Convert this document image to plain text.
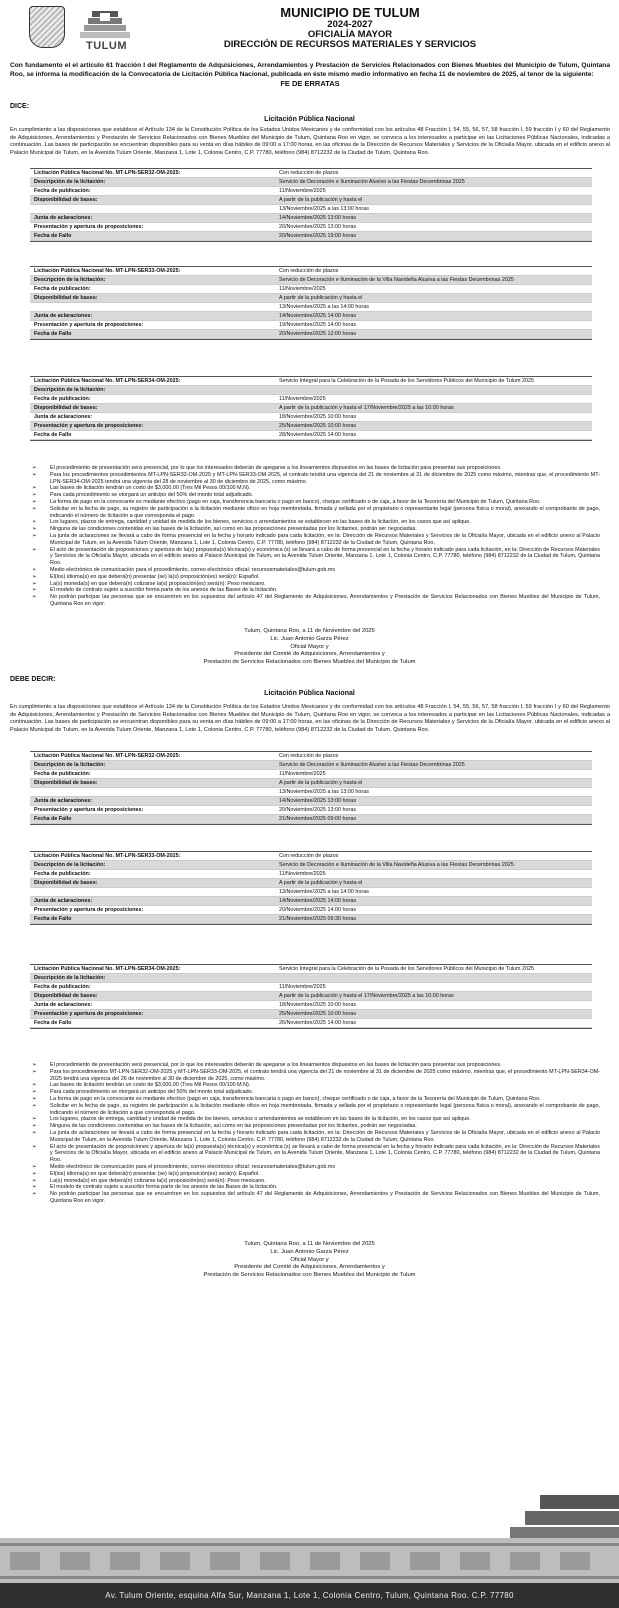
TULUM
MUNICIPIO DE TULUM
2024-2027
OFICIALÍA MAYOR
DIRECCIÓN DE RECURSOS MATERIALES Y SERVICIOS
Con fundamento el el artículo 61 fracción I del Reglamento de Adquisiciones, Arrendamientos y Prestación de Servicios Relacionados con Bienes Muebles del Municipio de Tulum, Quintana Roo, se informa la modificación de la Convocatoria de Licitación Pública Nacional, publicada en éste mismo medio informativo en fecha 11 de noviembre de 2025, al tenor de la siguiente:
FE DE ERRATAS
DICE:
Licitación Pública Nacional
En cumplimiento a las disposiciones que establece el Artículo 134 de la Constitución Política de los Estados Unidos Mexicanos y de conformidad con los artículos 48 Fracción I, 54, 55, 56, 57, 58 fracción I, 59 fracción I y 60 del Reglamento de Adquisiciones, Arrendamientos y Prestación de Servicios Relacionados con Bienes Muebles del Municipio de Tulum, Quintana Roo en vigor, se convoca a los interesados a participar en las Licitaciones Públicas Nacionales, indicadas a continuación. Las bases de participación se encuentran disponibles para su venta en días hábiles de 09:00 a 17:00 horas, en las oficinas de la Dirección de Recursos Materiales y Servicios de la Oficialía Mayor, ubicada en el edificio anexo al Palacio Municipal de Tulum, en la Avenida Tulum Oriente, Manzana 1, Lote 1, Colonia Centro, C.P. 77780, teléfono (984) 8712232 de la Ciudad de Tulum, Quintana Roo.
Licitación Pública Nacional No. MT-LPN-SER32-OM-2025:	Con reducción de plazos
Descripción de la licitación:	Servicio de Decoración e Iluminación Alusivo a las Fiestas Decembrinas 2025
Fecha de publicación:	11/Noviembre/2025
Disponibilidad de bases:	A partir de la publicación y hasta el
13/Noviembre/2025 a las 13:00 horas
Junta de aclaraciones:	14/Noviembre/2025 13:00 horas
Presentación y apertura de proposiciones:	20/Noviembre/2025 13:00 horas
Fecha de Fallo	20/Noviembre/2025 19:00 horas
Licitación Pública Nacional No. MT-LPN-SER33-OM-2025:	Con reducción de plazos
Descripción de la licitación:	Servicio de Decoración e Iluminación de la Villa Navideña Alusiva a las Fiestas Decembrinas 2025
Fecha de publicación:	11/Noviembre/2025
Disponibilidad de bases:	A partir de la publicación y hasta el
13/Noviembre/2025 a las 14:00 horas
Junta de aclaraciones:	14/Noviembre/2025 14:00 horas
Presentación y apertura de proposiciones:	19/Noviembre/2025 14:00 horas
Fecha de Fallo	20/Noviembre/2025 12:00 horas
Licitación Pública Nacional No. MT-LPN-SER34-OM-2025:	Servicio Integral para la Celebración de la Posada de los Servidores Públicos del Municipio de Tulum 2025
Descripción de la licitación:
Fecha de publicación:	11/Noviembre/2025
Disponibilidad de bases:	A partir de la publicación y hasta el 17/Noviembre/2025 a las 10:00 horas
Junta de aclaraciones:	18/Noviembre/2025 10:00 horas
Presentación y apertura de proposiciones:	25/Noviembre/2025 10:00 horas
Fecha de Fallo	28/Noviembre/2025 14:00 horas
➢ El procedimiento de presentación será presencial, por lo que los interesados deberán de apegarse a los lineamientos dispuestos en las bases de licitación para presentar sus proposiciones.
➢ Para los procedimientos procedimientos MT-LPN-SER32-OM-2025 y MT-LPN-SER33-OM-2025, el contrato tendrá una vigencia del 21 de noviembre al 31 de diciembre de 2025 como máximo, mientras que, el procedimiento MT-LPN-SER34-OM-2025 tendrá una vigencia del 28 de noviembre al 30 de diciembre de 2025, como máximo.
➢ Las bases de licitación tendrán un costo de $3,000.00 (Tres Mil Pesos 00/100 M.N).
➢ Para cada procedimiento se otorgará un anticipo del 50% del monto total adjudicado.
➢ La forma de pago en la convocante es mediante efectivo (pago en caja, transferencia bancaria o pago en banco), cheque certificado o de caja, a favor de la Tesorería del Municipio de Tulum, Quintana Roo.
➢ Solicitar en la fecha de pago, su registro de participación a la licitación mediante oficio en hoja membretada, firmada y sellada por el propietario o representante legal (persona física o moral), anexando el comprobante de pago, indicando el número de licitación a que corresponda el pago.
➢ Los lugares, plazos de entrega, cantidad y unidad de medida de los bienes, servicios o arrendamientos se establecen en las bases de la licitación, en los casos que así aplique.
➢ Ninguna de las condiciones contenidas en las bases de la licitación, así como en las proposiciones presentadas por los licitantes, podrán ser negociadas.
➢ La junta de aclaraciones se llevará a cabo de forma presencial en la fecha y horario indicado para cada licitación, en la: Dirección de Recursos Materiales y Servicios de la Oficialía Mayor, ubicada en el edificio anexo al Palacio Municipal de Tulum, en la Avenida Tulum Oriente, Manzana 1, Lote 1, Colonia Centro, C.P. 77780, teléfono (984) 8712232 de la Ciudad de Tulum, Quintana Roo.
➢ El acto de presentación de proposiciones y apertura de la(s) propuesta(s) técnica(s) y económica (s) se llevará a cabo de forma presencial en la fecha y horario indicado para cada licitación, en la: Dirección de Recursos Materiales y Servicios de la Oficialía Mayor, ubicada en el edificio anexo al Palacio Municipal de Tulum, en la Avenida Tulum Oriente, Manzana 1, Lote 1, Colonia Centro, C.P. 77780, teléfono (984) 8712232 de la Ciudad de Tulum, Quintana Roo.
➢ Medio electrónico de comunicación para el procedimiento, correo electrónico oficial: recursosmateriales@tulum.gob.mx
➢ El(los) idioma(s) en que deberá(n) presentar (se) la(s) proposición(es) será(n): Español.
➢ La(s) moneda(s) en que deberá(n) cotizarse la(s) proposición(es) será(n): Peso mexicano.
➢ El modelo de contrato sujeto a suscribir forma parte de los anexos de las Bases de la licitación.
➢ No podrán participar las personas que se encuentren en los supuestos del artículo 47 del Reglamento de Adquisiciones, Arrendamientos y Prestación de Servicios Relacionados con Bienes Muebles del Municipio de Tulum, Quintana Roo en vigor.
Tulum, Quintana Roo, a 11 de Noviembre del 2025
Lic. Juan Antonio Garza Pérez
Oficial Mayor y
Presidente del Comité de Adquisiciones, Arrendamientos y
Prestación de Servicios Relacionados con Bienes Muebles del Municipio de Tulum
DEBE DECIR:
Licitación Pública Nacional
En cumplimiento a las disposiciones que establece el Artículo 134 de la Constitución Política de los Estados Unidos Mexicanos y de conformidad con los artículos 48 Fracción I, 54, 55, 56, 57, 58 fracción I, 59 fracción I y 60 del Reglamento de Adquisiciones, Arrendamientos y Prestación de Servicios Relacionados con Bienes Muebles del Municipio de Tulum, Quintana Roo en vigor, se convoca a los interesados a participar en las Licitaciones Públicas Nacionales, indicadas a continuación. Las bases de participación se encuentran disponibles para su venta en días hábiles de 09:00 a 17:00 horas, en las oficinas de la Dirección de Recursos Materiales y Servicios de la Oficialía Mayor, ubicada en el edificio anexo al Palacio Municipal de Tulum, en la Avenida Tulum Oriente, Manzana 1, Lote 1, Colonia Centro, C.P. 77780, teléfono (984) 8712232 de la Ciudad de Tulum, Quintana Roo.
Licitación Pública Nacional No. MT-LPN-SER32-OM-2025:	Con reducción de plazos
Descripción de la licitación:	Servicio de Decoración e Iluminación Alusivo a las Fiestas Decembrinas 2025
Fecha de publicación:	11/Noviembre/2025
Disponibilidad de bases:	A partir de la publicación y hasta el
13/Noviembre/2025 a las 13:00 horas
Junta de aclaraciones:	14/Noviembre/2025 13:00 horas
Presentación y apertura de proposiciones:	20/Noviembre/2025 13:00 horas
Fecha de Fallo	21/Noviembre/2025 09:00 horas
Licitación Pública Nacional No. MT-LPN-SER33-OM-2025:	Con reducción de plazos
Descripción de la licitación:	Servicio de Decoración e Iluminación de la Villa Navideña Alusiva a las Fiestas Decembrinas 2025
Fecha de publicación:	11/Noviembre/2025
Disponibilidad de bases:	A partir de la publicación y hasta el
13/Noviembre/2025 a las 14:00 horas
Junta de aclaraciones:	14/Noviembre/2025 14:00 horas
Presentación y apertura de proposiciones:	20/Noviembre/2025 14:00 horas
Fecha de Fallo	21/Noviembre/2025 09:30 horas
Licitación Pública Nacional No. MT-LPN-SER34-OM-2025:	Servicio Integral para la Celebración de la Posada de los Servidores Públicos del Municipio de Tulum 2025
Descripción de la licitación:
Fecha de publicación:	11/Noviembre/2025
Disponibilidad de bases:	A partir de la publicación y hasta el 17/Noviembre/2025 a las 10:00 horas
Junta de aclaraciones:	18/Noviembre/2025 10:00 horas
Presentación y apertura de proposiciones:	25/Noviembre/2025 10:00 horas
Fecha de Fallo	26/Noviembre/2025 14:00 horas
➢ El procedimiento de presentación será presencial, por lo que los interesados deberán de apegarse a los lineamientos dispuestos en las bases de licitación para presentar sus proposiciones.
➢ Para los procedimientos MT-LPN-SER32-OM-2025 y MT-LPN-SER33-OM-2025, el contrato tendrá una vigencia del 21 de noviembre al 31 de diciembre de 2025 como máximo, mientras que, el procedimiento MT-LPN-SER34-OM-2025 tendrá una vigencia del 26 de noviembre al 30 de diciembre de 2025, como máximo.
➢ Las bases de licitación tendrán un costo de $3,000.00 (Tres Mil Pesos 00/100 M.N).
➢ Para cada procedimiento se otorgará un anticipo del 50% del monto total adjudicado.
➢ La forma de pago en la convocante es mediante efectivo (pago en caja, transferencia bancaria o pago en banco), cheque certificado o de caja, a favor de la Tesorería del Municipio de Tulum, Quintana Roo.
➢ Solicitar en la fecha de pago, su registro de participación a la licitación mediante oficio en hoja membretada, firmada y sellada por el propietario o representante legal (persona física o moral), anexando el comprobante de pago, indicando el número de licitación a que corresponda el pago.
➢ Los lugares, plazos de entrega, cantidad y unidad de medida de los bienes, servicios o arrendamientos se establecen en las bases de la licitación, en los casos que así aplique.
➢ Ninguna de las condiciones contenidas en las bases de la licitación, así como en las proposiciones presentadas por los licitantes, podrán ser negociadas.
➢ La junta de aclaraciones se llevará a cabo de forma presencial en la fecha y horario indicado para cada licitación, en la: Dirección de Recursos Materiales y Servicios de la Oficialía Mayor, ubicada en el edificio anexo al Palacio Municipal de Tulum, en la Avenida Tulum Oriente, Manzana 1, Lote 1, Colonia Centro, C.P. 77780, teléfono (984) 8712232 de la Ciudad de Tulum, Quintana Roo.
➢ El acto de presentación de proposiciones y apertura de la(s) propuesta(s) técnica(s) y económica (s) se llevará a cabo de forma presencial en la fecha y horario indicado para cada licitación, en la: Dirección de Recursos Materiales y Servicios de la Oficialía Mayor, ubicada en el edificio anexo al Palacio Municipal de Tulum, en la Avenida Tulum Oriente, Manzana 1, Lote 1, Colonia Centro, C.P. 77780, teléfono (984) 8712232 de la Ciudad de Tulum, Quintana Roo.
➢ Medio electrónico de comunicación para el procedimiento, correo electrónico oficial: recursosmateriales@tulum.gob.mx
➢ El(los) idioma(s) en que deberá(n) presentar (se) la(s) proposición(es) será(n): Español.
➢ La(s) moneda(s) en que deberá(n) cotizarse la(s) proposición(es) será(n): Peso mexicano.
➢ El modelo de contrato sujeto a suscribir forma parte de los anexos de las Bases de la licitación.
➢ No podrán participar las personas que se encuentren en los supuestos del artículo 47 del Reglamento de Adquisiciones, Arrendamientos y Prestación de Servicios Relacionados con Bienes Muebles del Municipio de Tulum, Quintana Roo en vigor.
Tulum, Quintana Roo, a 11 de Noviembre del 2025
Lic. Juan Antonio Garza Pérez
Oficial Mayor y
Presidente del Comité de Adquisiciones, Arrendamientos y
Prestación de Servicios Relacionados con Bienes Muebles del Municipio de Tulum
Av. Tulum Oriente, esquina Alfa Sur, Manzana 1, Lote 1, Colonia Centro, Tulum, Quintana Roo. C.P. 77780
